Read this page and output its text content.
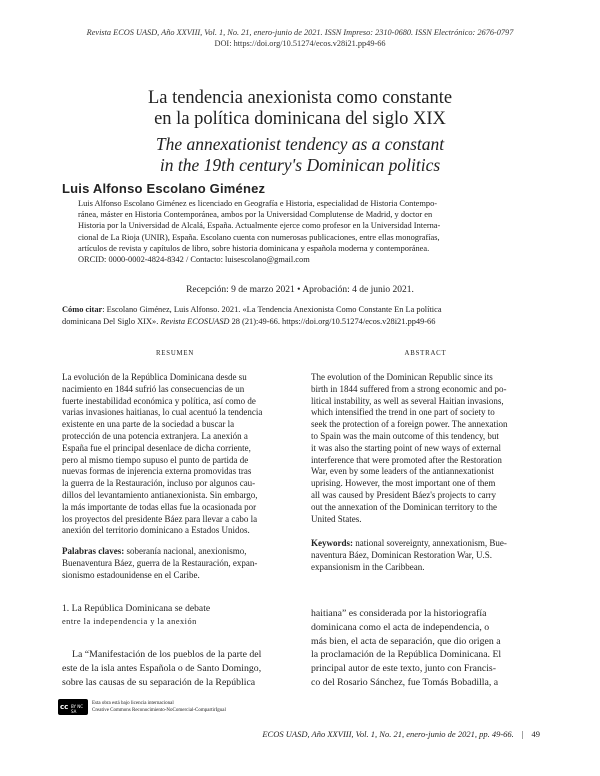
Revista ECOS UASD, Año XXVIII, Vol. 1, No. 21, enero-junio de 2021. ISSN Impreso: 2310-0680. ISSN Electrónico: 2676-0797
DOI: https://doi.org/10.51274/ecos.v28i21.pp49-66
La tendencia anexionista como constante
en la política dominicana del siglo XIX
The annexationist tendency as a constant
in the 19th century's Dominican politics
Luis Alfonso Escolano Giménez

Luis Alfonso Escolano Giménez es licenciado en Geografía e Historia, especialidad de Historia Contempo-

ránea, máster en Historia Contemporánea, ambos por la Universidad Complutense de Madrid, y doctor en

Historia por la Universidad de Alcalá, España. Actualmente ejerce como profesor en la Universidad Interna-

cional de La Rioja (UNIR), España. Escolano cuenta con numerosas publicaciones, entre ellas monografías,

artículos de revista y capítulos de libro, sobre historia dominicana y española moderna y contemporánea.

ORCID: 0000-0002-4824-8342 / Contacto: luisescolano@gmail.com

Recepción: 9 de marzo 2021 • Aprobación: 4 de junio 2021.
Cómo citar: Escolano Giménez, Luis Alfonso. 2021. «La Tendencia Anexionista Como Constante En La política
dominicana Del Siglo XIX». Revista ECOSUASD 28 (21):49-66. https://doi.org/10.51274/ecos.v28i21.pp49-66
RESUMEN

La evolución de la República Dominicana desde su

nacimiento en 1844 sufrió las consecuencias de un

fuerte inestabilidad económica y política, así como de

varias invasiones haitianas, lo cual acentuó la tendencia

existente en una parte de la sociedad a buscar la

protección de una potencia extranjera. La anexión a

España fue el principal desenlace de dicha corriente,

pero al mismo tiempo supuso el punto de partida de

nuevas formas de injerencia externa promovidas tras

la guerra de la Restauración, incluso por algunos cau-

dillos del levantamiento antianexionista. Sin embargo,

la más importante de todas ellas fue la ocasionada por

los proyectos del presidente Báez para llevar a cabo la

anexión del territorio dominicano a Estados Unidos.

Palabras claves: soberanía nacional, anexionismo,

Buenaventura Báez, guerra de la Restauración, expan-

sionismo estadounidense en el Caribe.

ABSTRACT

The evolution of the Dominican Republic since its

birth in 1844 suffered from a strong economic and po-

litical instability, as well as several Haitian invasions,

which intensified the trend in one part of society to

seek the protection of a foreign power. The annexation

to Spain was the main outcome of this tendency, but

it was also the starting point of new ways of external

interference that were promoted after the Restoration

War, even by some leaders of the antiannexationist

uprising. However, the most important one of them

all was caused by President Báez's projects to carry

out the annexation of the Dominican territory to the

United States.

Keywords: national sovereignty, annexationism, Bue-

naventura Báez, Dominican Restoration War, U.S.

expansionism in the Caribbean.

1. La República Dominicana se debate
entre la independencia y la anexión
La “Manifestación de los pueblos de la parte del
este de la isla antes Española o de Santo Domingo,
sobre las causas de su separación de la República
haitiana” es considerada por la historiografía
dominicana como el acta de independencia, o
más bien, el acta de separación, que dio origen a
la proclamación de la República Dominicana. El
principal autor de este texto, junto con Francis-
co del Rosario Sánchez, fue Tomás Bobadilla, a
cc BY NC SA
Esta obra está bajo licencia internacional
Creative Commons Reconocimiento-NoComercial-CompartirIgual
ECOS UASD, Año XXVIII, Vol. 1, No. 21, enero-junio de 2021, pp. 49-66. | 49
